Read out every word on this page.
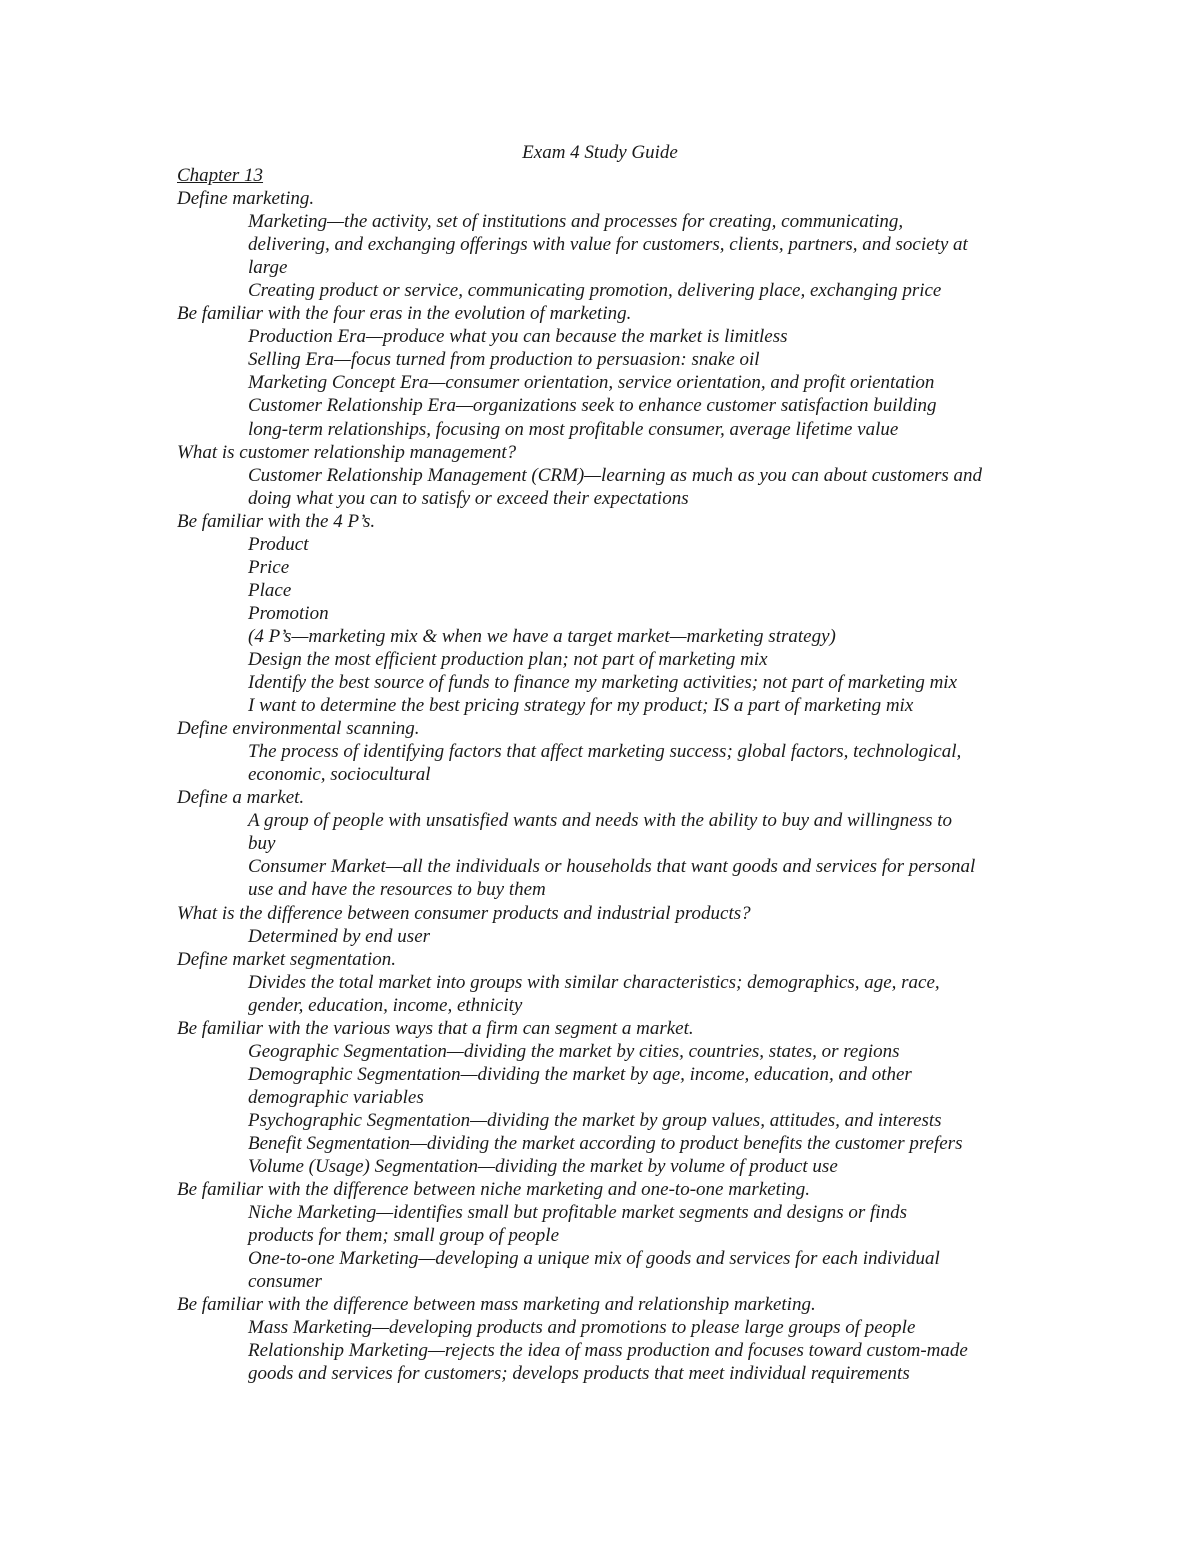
Exam 4 Study Guide
Chapter 13
Define marketing.
Marketing—the activity, set of institutions and processes for creating, communicating,
delivering, and exchanging offerings with value for customers, clients, partners, and society at
large
Creating product or service, communicating promotion, delivering place, exchanging price
Be familiar with the four eras in the evolution of marketing.
Production Era—produce what you can because the market is limitless
Selling Era—focus turned from production to persuasion: snake oil
Marketing Concept Era—consumer orientation, service orientation, and profit orientation
Customer Relationship Era—organizations seek to enhance customer satisfaction building
long-term relationships, focusing on most profitable consumer, average lifetime value
What is customer relationship management?
Customer Relationship Management (CRM)—learning as much as you can about customers and
doing what you can to satisfy or exceed their expectations
Be familiar with the 4 P’s.
Product
Price
Place
Promotion
(4 P’s—marketing mix & when we have a target market—marketing strategy)
Design the most efficient production plan; not part of marketing mix
Identify the best source of funds to finance my marketing activities; not part of marketing mix
I want to determine the best pricing strategy for my product; IS a part of marketing mix
Define environmental scanning.
The process of identifying factors that affect marketing success; global factors, technological,
economic, sociocultural
Define a market.
A group of people with unsatisfied wants and needs with the ability to buy and willingness to
buy
Consumer Market—all the individuals or households that want goods and services for personal
use and have the resources to buy them
What is the difference between consumer products and industrial products?
Determined by end user
Define market segmentation.
Divides the total market into groups with similar characteristics; demographics, age, race,
gender, education, income, ethnicity
Be familiar with the various ways that a firm can segment a market.
Geographic Segmentation—dividing the market by cities, countries, states, or regions
Demographic Segmentation—dividing the market by age, income, education, and other
demographic variables
Psychographic Segmentation—dividing the market by group values, attitudes, and interests
Benefit Segmentation—dividing the market according to product benefits the customer prefers
Volume (Usage) Segmentation—dividing the market by volume of product use
Be familiar with the difference between niche marketing and one-to-one marketing.
Niche Marketing—identifies small but profitable market segments and designs or finds
products for them; small group of people
One-to-one Marketing—developing a unique mix of goods and services for each individual
consumer
Be familiar with the difference between mass marketing and relationship marketing.
Mass Marketing—developing products and promotions to please large groups of people
Relationship Marketing—rejects the idea of mass production and focuses toward custom-made
goods and services for customers; develops products that meet individual requirements
